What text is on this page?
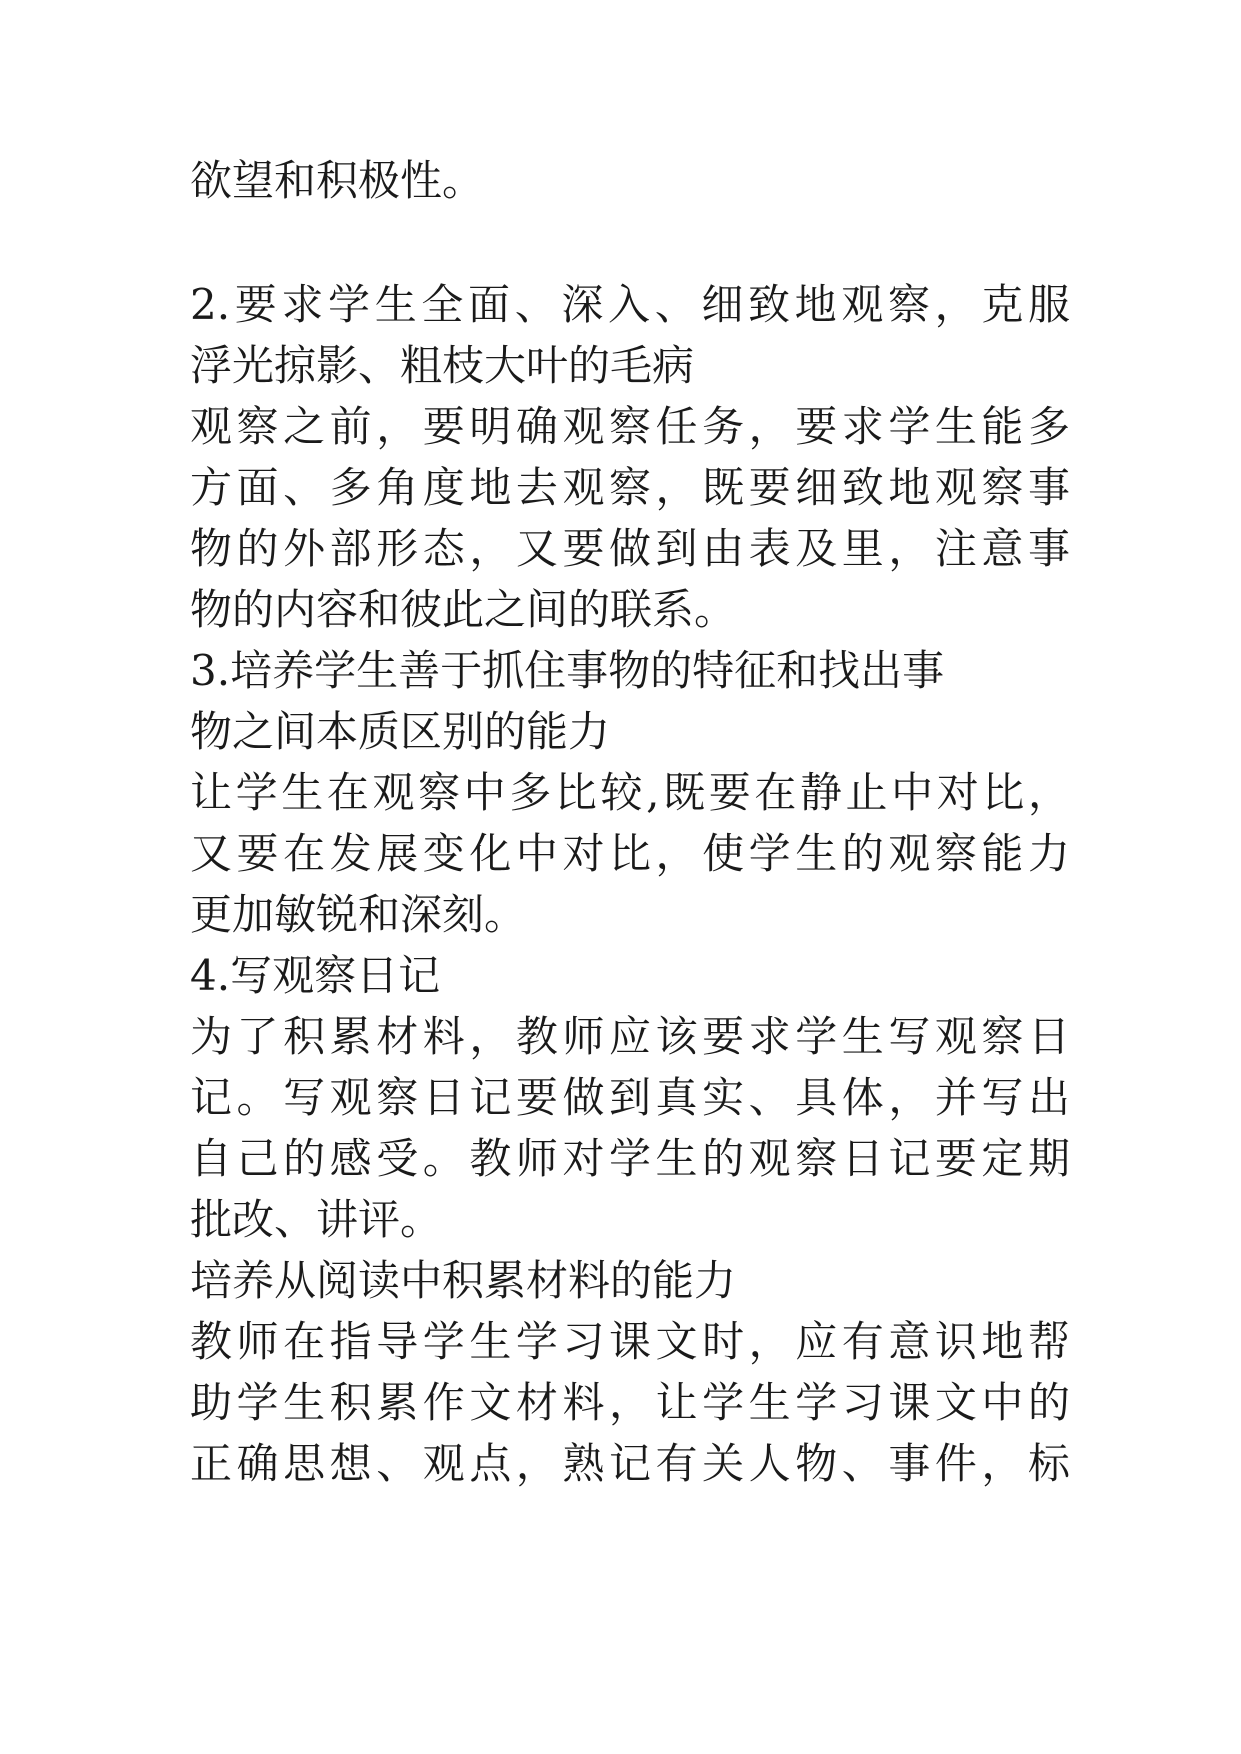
欲望和积极性。
2.要求学生全面、深入、细致地观察，克服
浮光掠影、粗枝大叶的毛病
观察之前，要明确观察任务，要求学生能多
方面、多角度地去观察，既要细致地观察事
物的外部形态，又要做到由表及里，注意事
物的内容和彼此之间的联系。
3.培养学生善于抓住事物的特征和找出事
物之间本质区别的能力
让学生在观察中多比较,既要在静止中对比，
又要在发展变化中对比，使学生的观察能力
更加敏锐和深刻。
4.写观察日记
为了积累材料，教师应该要求学生写观察日
记。写观察日记要做到真实、具体，并写出
自己的感受。教师对学生的观察日记要定期
批改、讲评。
培养从阅读中积累材料的能力
教师在指导学生学习课文时，应有意识地帮
助学生积累作文材料，让学生学习课文中的
正确思想、观点，熟记有关人物、事件，标
